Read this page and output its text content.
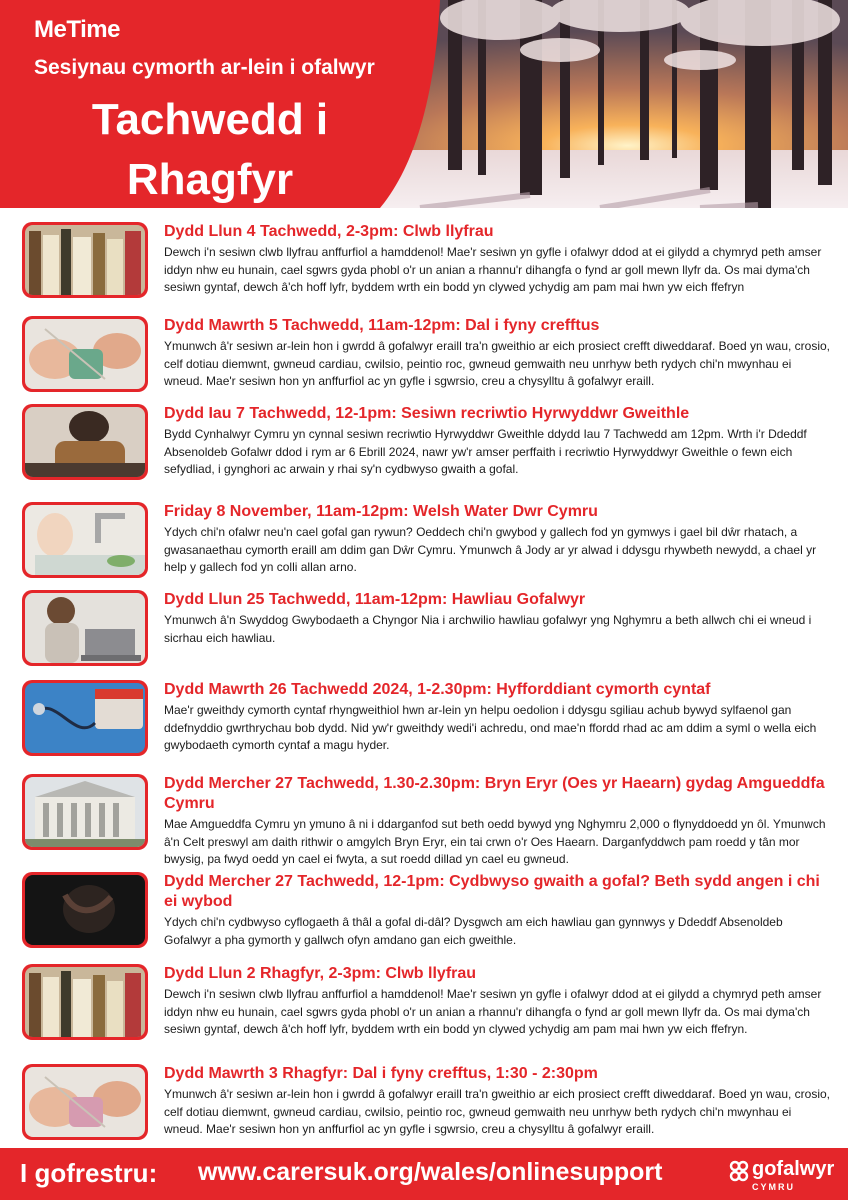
MeTime
Sesiynau cymorth ar-lein i ofalwyr
Tachwedd i
Rhagfyr
Dydd Llun 4 Tachwedd, 2-3pm: Clwb llyfrau
Dewch i'n sesiwn clwb llyfrau anffurfiol a hamddenol! Mae'r sesiwn yn gyfle i ofalwyr ddod at ei gilydd a chymryd peth amser iddyn nhw eu hunain, cael sgwrs gyda phobl o'r un anian a rhannu'r dihangfa o fynd ar goll mewn llyfr da. Os mai dyma'ch sesiwn gyntaf, dewch â'ch hoff lyfr, byddem wrth ein bodd yn clywed ychydig am pam mai hwn yw eich ffefryn
Dydd Mawrth 5 Tachwedd, 11am-12pm: Dal i fyny crefftus
Ymunwch â'r sesiwn ar-lein hon i gwrdd â gofalwyr eraill tra'n gweithio ar eich prosiect crefft diweddaraf. Boed yn wau, crosio, celf dotiau diemwnt, gwneud cardiau, cwilsio, peintio roc, gwneud gemwaith neu unrhyw beth rydych chi'n mwynhau ei wneud. Mae'r sesiwn hon yn anffurfiol ac yn gyfle i sgwrsio, creu a chysylltu â gofalwyr eraill.
Dydd Iau 7 Tachwedd, 12-1pm: Sesiwn recriwtio Hyrwyddwr Gweithle
Bydd Cynhalwyr Cymru yn cynnal sesiwn recriwtio Hyrwyddwr Gweithle ddydd Iau 7 Tachwedd am 12pm. Wrth i'r Ddeddf Absenoldeb Gofalwr ddod i rym ar 6 Ebrill 2024, nawr yw'r amser perffaith i recriwtio Hyrwyddwyr Gweithle o fewn eich sefydliad, i gynghori ac arwain y rhai sy'n cydbwyso gwaith a gofal.
Friday 8 November, 11am-12pm: Welsh Water Dwr Cymru
Ydych chi'n ofalwr neu'n cael gofal gan rywun? Oeddech chi'n gwybod y gallech fod yn gymwys i gael bil dŵr rhatach, a gwasanaethau cymorth eraill am ddim gan Dŵr Cymru. Ymunwch â Jody ar yr alwad i ddysgu rhywbeth newydd, a chael yr help y gallech fod yn colli allan arno.
Dydd Llun 25 Tachwedd, 11am-12pm: Hawliau Gofalwyr
Ymunwch â'n Swyddog Gwybodaeth a Chyngor Nia i archwilio hawliau gofalwyr yng Nghymru a beth allwch chi ei wneud i sicrhau eich hawliau.
Dydd Mawrth 26 Tachwedd 2024, 1-2.30pm: Hyfforddiant cymorth cyntaf
Mae'r gweithdy cymorth cyntaf rhyngweithiol hwn ar-lein yn helpu oedolion i ddysgu sgiliau achub bywyd sylfaenol gan ddefnyddio gwrthrychau bob dydd. Nid yw'r gweithdy wedi'i achredu, ond mae'n ffordd rhad ac am ddim a syml o wella eich gwybodaeth cymorth cyntaf a magu hyder.
Dydd Mercher 27 Tachwedd, 1.30-2.30pm: Bryn Eryr (Oes yr Haearn) gydag Amgueddfa Cymru
Mae Amgueddfa Cymru yn ymuno â ni i ddarganfod sut beth oedd bywyd yng Nghymru 2,000 o flynyddoedd yn ôl. Ymunwch â'n Celt preswyl am daith rithwir o amgylch Bryn Eryr, ein tai crwn o'r Oes Haearn. Darganfyddwch pam roedd y tân mor bwysig, pa fwyd oedd yn cael ei fwyta, a sut roedd dillad yn cael eu gwneud.
Dydd Mercher 27 Tachwedd, 12-1pm: Cydbwyso gwaith a gofal? Beth sydd angen i chi ei wybod
Ydych chi'n cydbwyso cyflogaeth â thâl a gofal di-dâl? Dysgwch am eich hawliau gan gynnwys y Ddeddf Absenoldeb Gofalwyr a pha gymorth y gallwch ofyn amdano gan eich gweithle.
Dydd Llun 2 Rhagfyr, 2-3pm: Clwb llyfrau
Dewch i'n sesiwn clwb llyfrau anffurfiol a hamddenol! Mae'r sesiwn yn gyfle i ofalwyr ddod at ei gilydd a chymryd peth amser iddyn nhw eu hunain, cael sgwrs gyda phobl o'r un anian a rhannu'r dihangfa o fynd ar goll mewn llyfr da. Os mai dyma'ch sesiwn gyntaf, dewch â'ch hoff lyfr, byddem wrth ein bodd yn clywed ychydig am pam mai hwn yw eich ffefryn.
Dydd Mawrth 3 Rhagfyr: Dal i fyny crefftus, 1:30 - 2:30pm
Ymunwch â'r sesiwn ar-lein hon i gwrdd â gofalwyr eraill tra'n gweithio ar eich prosiect crefft diweddaraf. Boed yn wau, crosio, celf dotiau diemwnt, gwneud cardiau, cwilsio, peintio roc, gwneud gemwaith neu unrhyw beth rydych chi'n mwynhau ei wneud. Mae'r sesiwn hon yn anffurfiol ac yn gyfle i sgwrsio, creu a chysylltu â gofalwyr eraill.
I gofrestru: www.carersuk.org/wales/onlinesupport	gofalwyr
CYMRU
